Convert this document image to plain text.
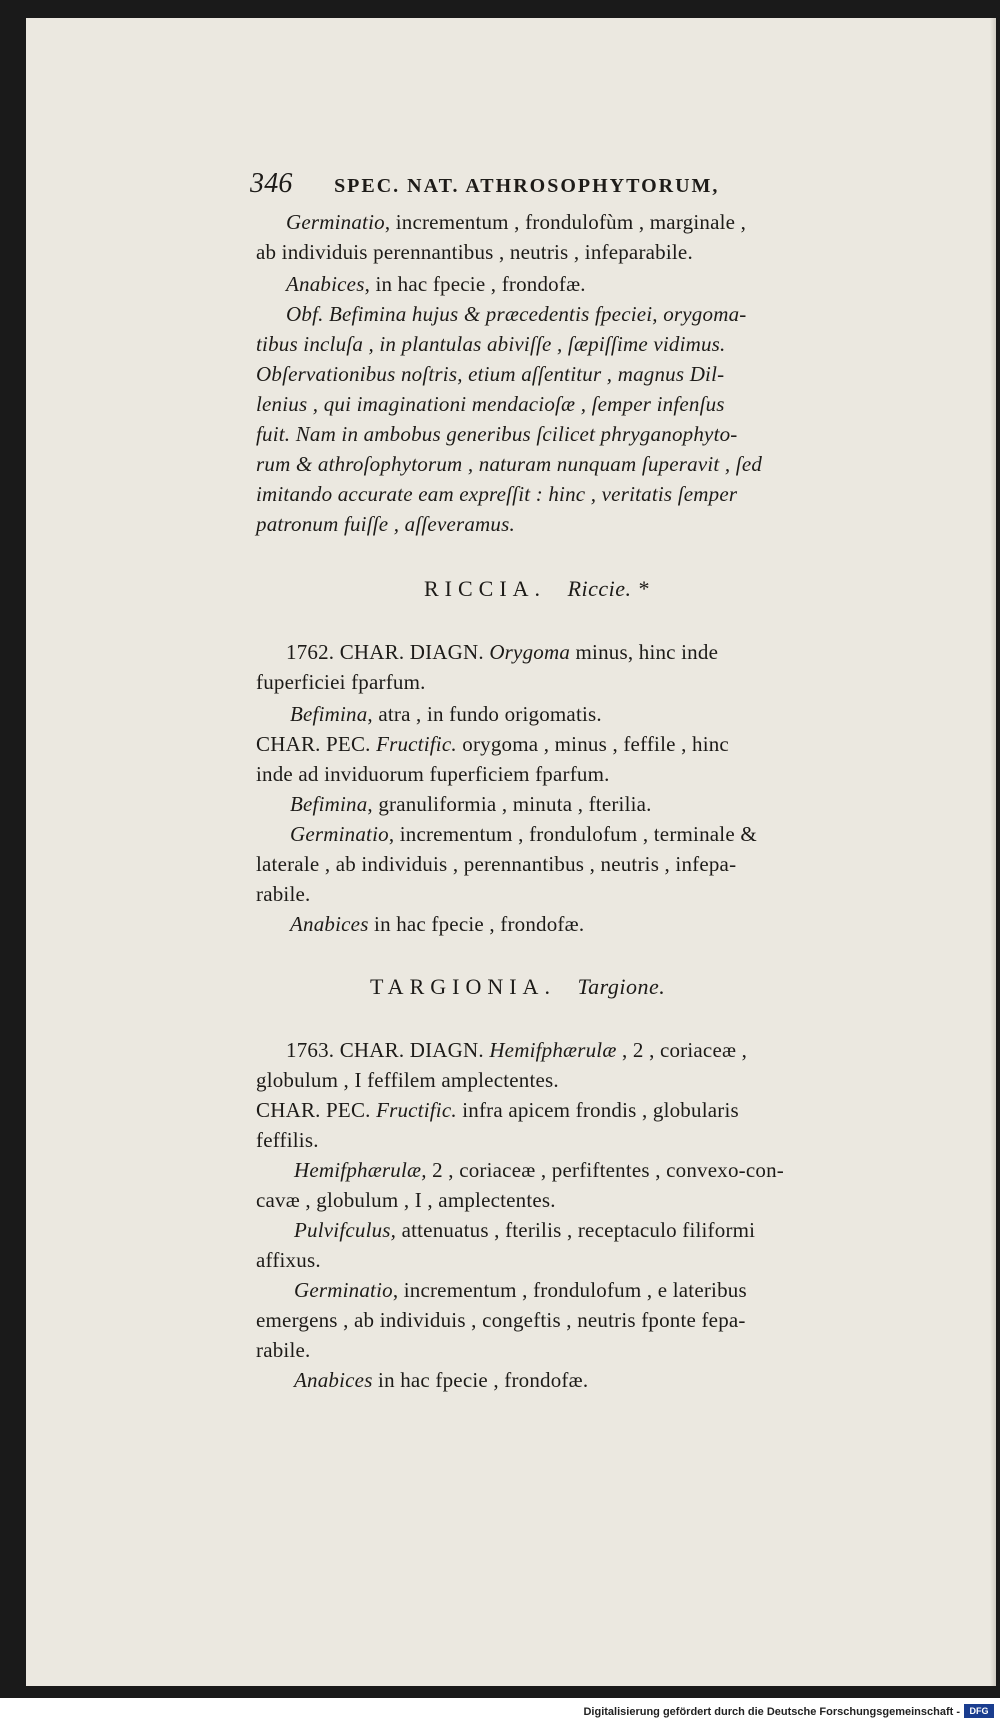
346 SPEC. NAT. ATHROSOPHYTORUM,
Germinatio, incrementum , frondulofùm , marginale ,
ab individuis perennantibus , neutris , infeparabile.
Anabices, in hac fpecie , frondofæ.
Obf. Befimina hujus & præcedentis fpeciei, orygoma-
tibus incluſa , in plantulas abiviſſe , ſæpiſſime vidimus.
Obſervationibus noſtris, etium aſſentitur , magnus Dil-
lenius , qui imaginationi mendacioſæ , ſemper infenſus
fuit. Nam in ambobus generibus ſcilicet phryganophyto-
rum & athroſophytorum , naturam nunquam ſuperavit , ſed
imitando accurate eam expreſſit : hinc , veritatis ſemper
patronum fuiſſe , aſſeveramus.
RICCIA. Riccie. *
1762. CHAR. DIAGN. Orygoma minus, hinc inde
fuperficiei fparfum.
Befimina, atra , in fundo origomatis.
CHAR. PEC. Fructific. orygoma , minus , feffile , hinc
inde ad inviduorum fuperficiem fparfum.
Befimina, granuliformia , minuta , fterilia.
Germinatio, incrementum , frondulofum , terminale &
laterale , ab individuis , perennantibus , neutris , infepa-
rabile.
Anabices in hac fpecie , frondofæ.
TARGIONIA. Targione.
1763. CHAR. DIAGN. Hemifphærulæ , 2 , coriaceæ ,
globulum , I feffilem amplectentes.
CHAR. PEC. Fructific. infra apicem frondis , globularis
feffilis.
Hemifphærulæ, 2 , coriaceæ , perfiftentes , convexo-con-
cavæ , globulum , I , amplectentes.
Pulvifculus, attenuatus , fterilis , receptaculo filiformi
affixus.
Germinatio, incrementum , frondulofum , e lateribus
emergens , ab individuis , congeftis , neutris fponte fepa-
rabile.
Anabices in hac fpecie , frondofæ.
Digitalisierung gefördert durch die Deutsche Forschungsgemeinschaft -	DFG
